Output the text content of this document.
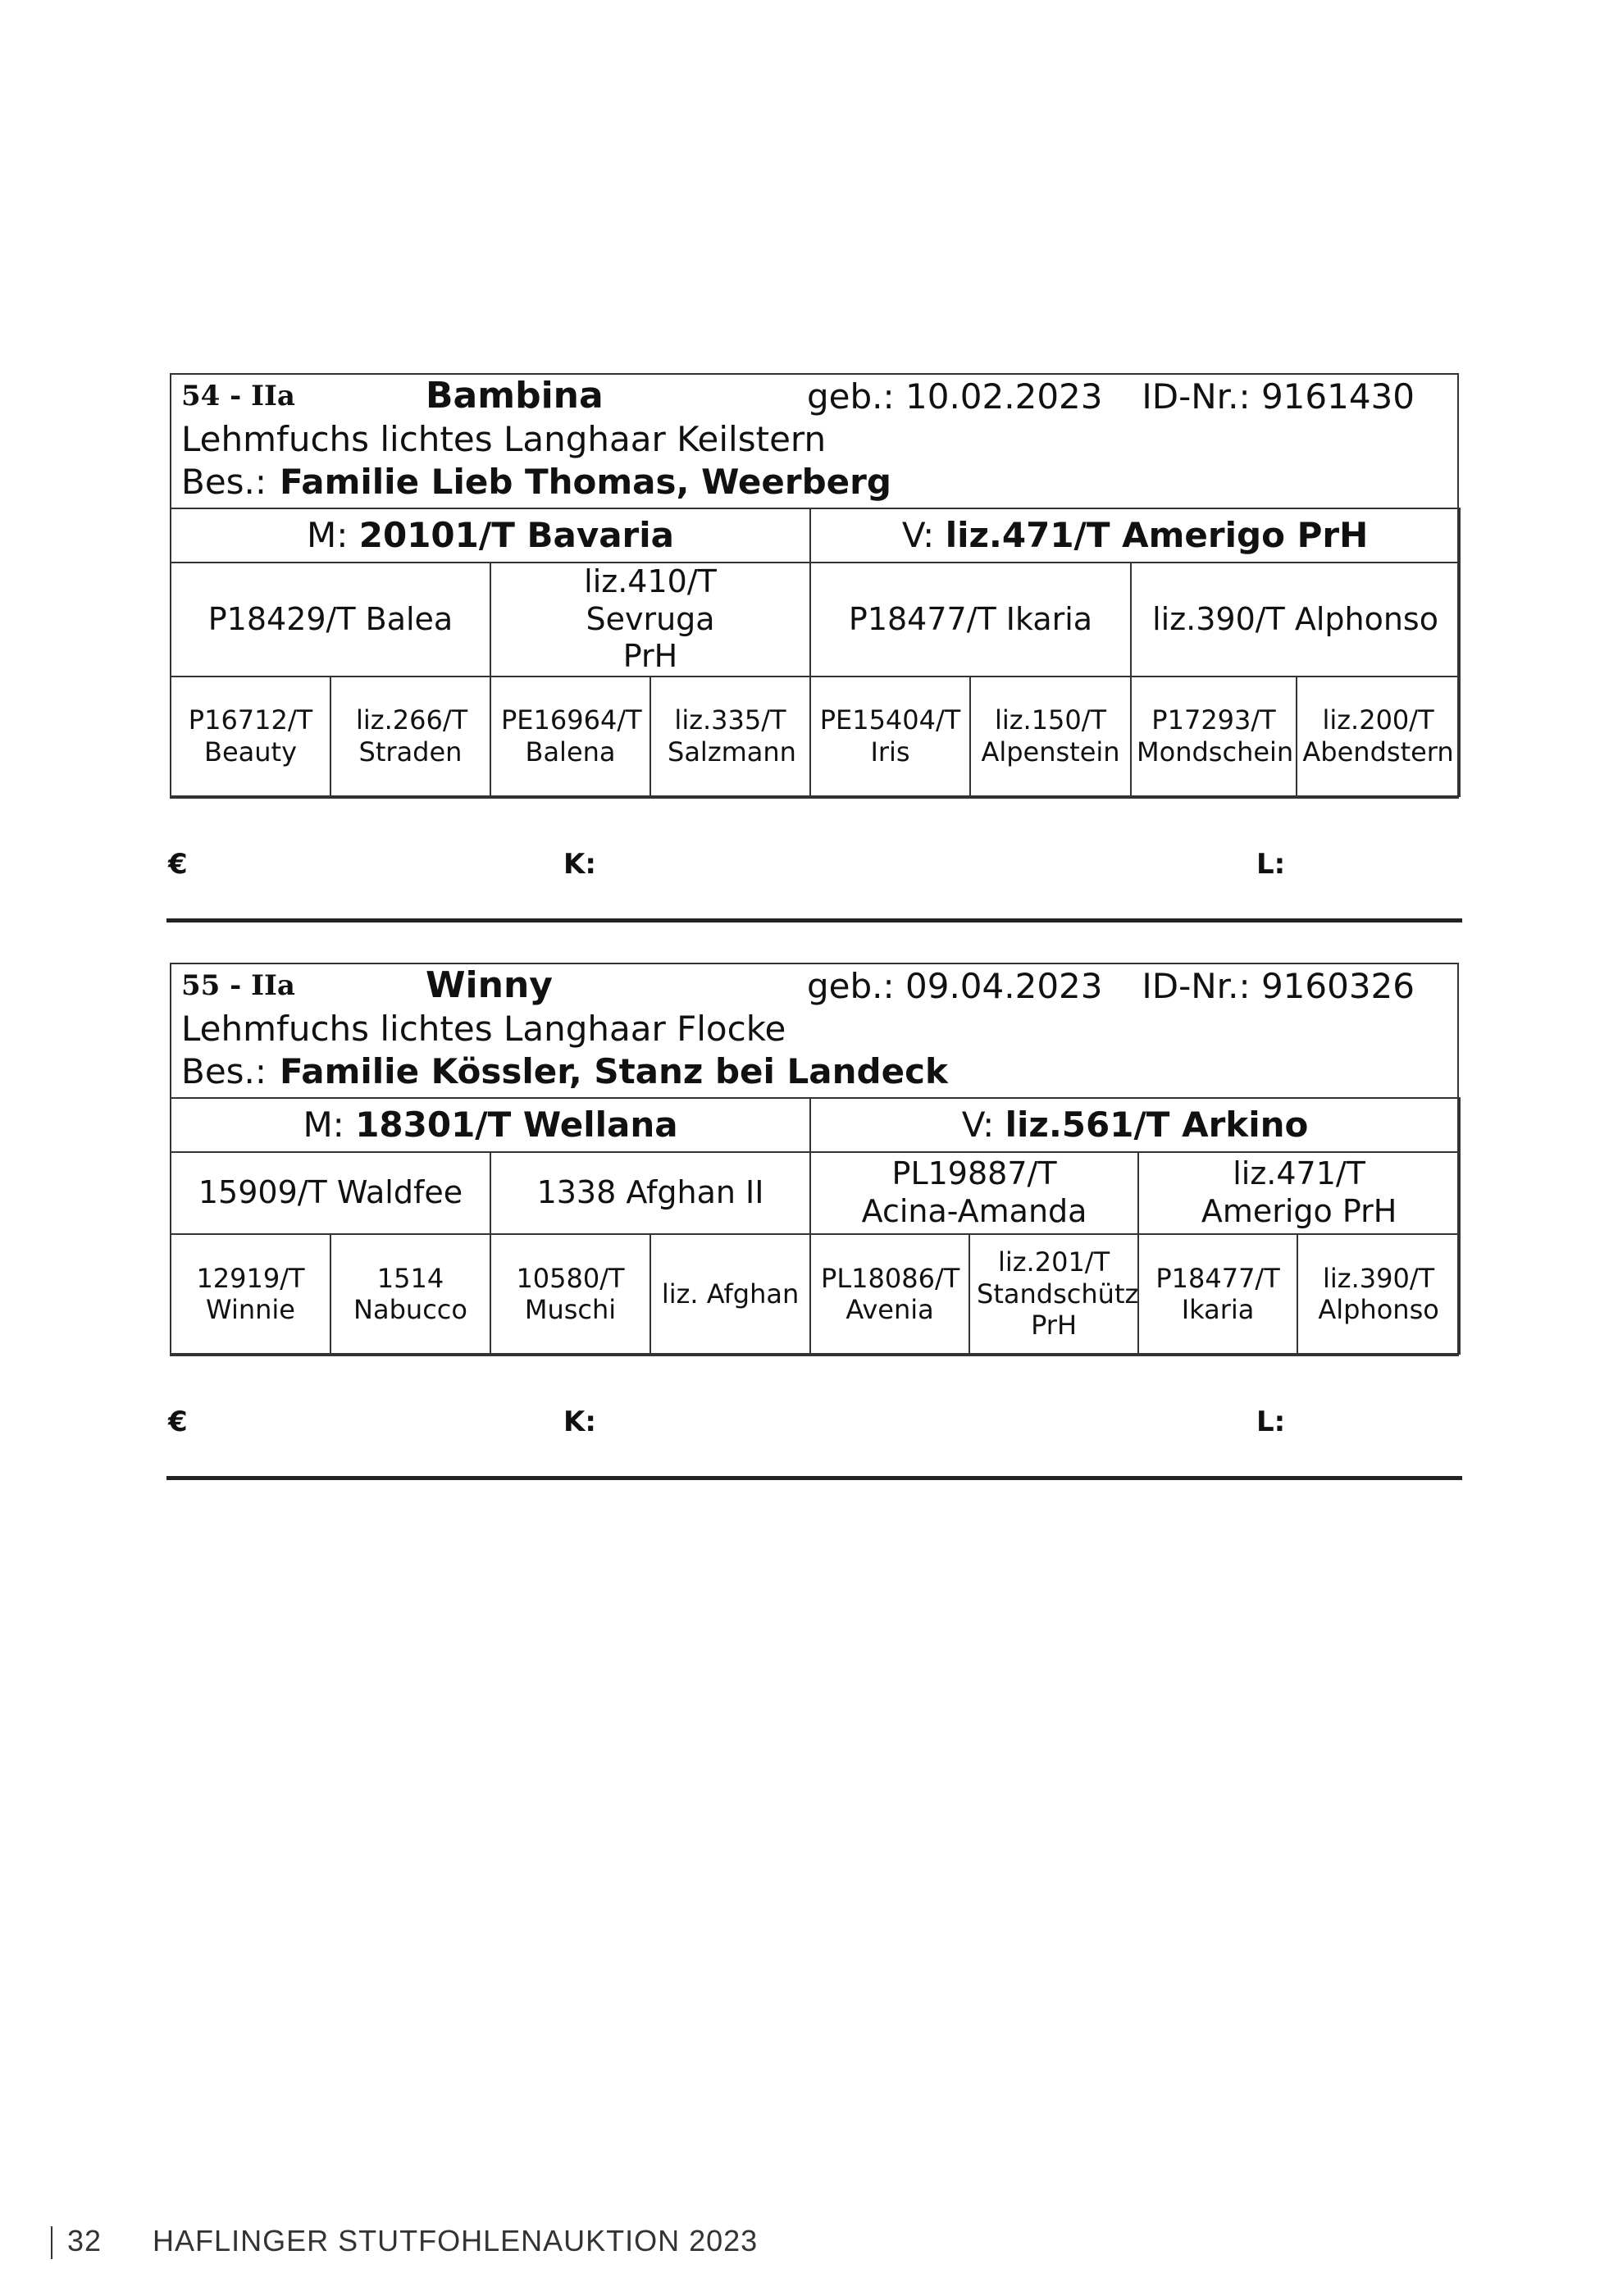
54 - IIa	Bambina	geb.: 10.02.2023 ID-Nr.: 9161430
Lehmfuchs lichtes Langhaar Keilstern
Bes.: Familie Lieb Thomas, Weerberg
M: 20101/T Bavaria				V: liz.471/T Amerigo PrH			
P18429/T Balea		liz.410/T Sevruga PrH		P18477/T Ikaria		liz.390/T Alphonso	
P16712/T Beauty	liz.266/T Straden	PE16964/T Balena	liz.335/T Salzmann	PE15404/T Iris	liz.150/T Alpenstein	P17293/T Mondschein	liz.200/T Abendstern
€	K:	L:
55 - IIa	Winny	geb.: 09.04.2023 ID-Nr.: 9160326
Lehmfuchs lichtes Langhaar Flocke
Bes.: Familie Kössler, Stanz bei Landeck
M: 18301/T Wellana				V: liz.561/T Arkino			
15909/T Waldfee		1338 Afghan II		PL19887/T Acina-Amanda		liz.471/T Amerigo PrH	
12919/T Winnie	1514 Nabucco	10580/T Muschi	liz. Afghan	PL18086/T Avenia	liz.201/T Standschütz PrH	P18477/T Ikaria	liz.390/T Alphonso
€	K:	L:
32 HAFLINGER STUTFOHLENAUKTION 2023
